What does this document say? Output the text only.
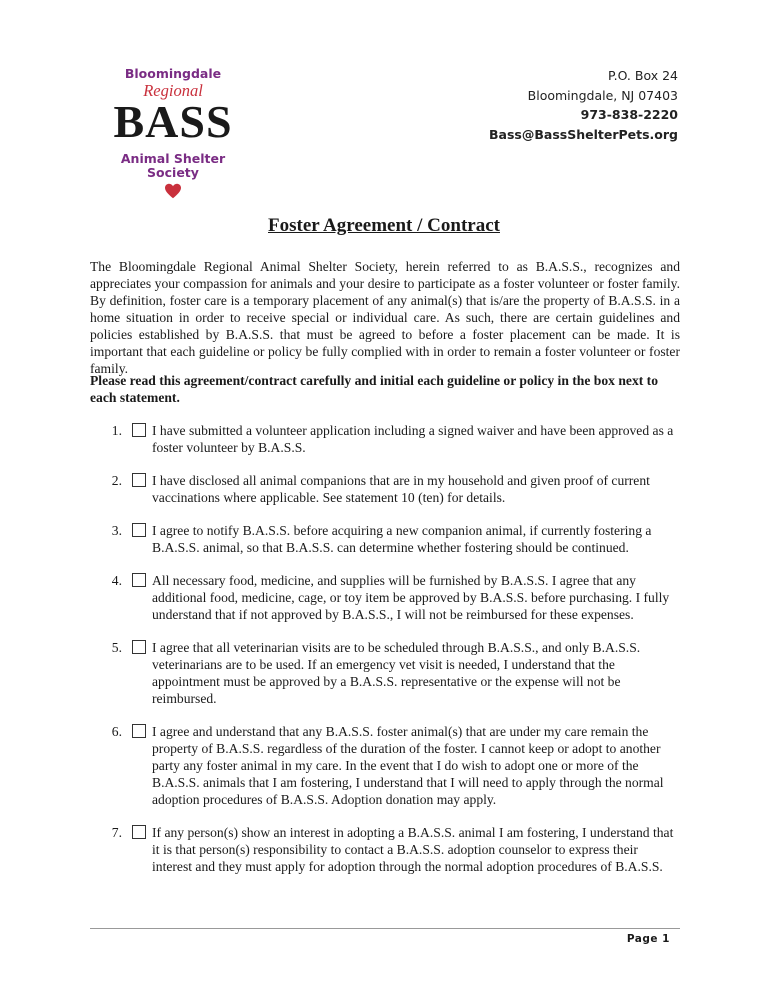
Bloomingdale
Regional
BASS
Animal Shelter
Society
P.O. Box 24
Bloomingdale, NJ 07403
973-838-2220
Bass@BassShelterPets.org
Foster Agreement / Contract
The Bloomingdale Regional Animal Shelter Society, herein referred to as B.A.S.S., recognizes and appreciates your compassion for animals and your desire to participate as a foster volunteer or foster family. By definition, foster care is a temporary placement of any animal(s) that is/are the property of B.A.S.S. in a home situation in order to receive special or individual care. As such, there are certain guidelines and policies established by B.A.S.S. that must be agreed to before a foster placement can be made. It is important that each guideline or policy be fully complied with in order to remain a foster volunteer or foster family.
Please read this agreement/contract carefully and initial each guideline or policy in the box next to each statement.
1. I have submitted a volunteer application including a signed waiver and have been approved as a foster volunteer by B.A.S.S.
2. I have disclosed all animal companions that are in my household and given proof of current vaccinations where applicable. See statement 10 (ten) for details.
3. I agree to notify B.A.S.S. before acquiring a new companion animal, if currently fostering a B.A.S.S. animal, so that B.A.S.S. can determine whether fostering should be continued.
4. All necessary food, medicine, and supplies will be furnished by B.A.S.S. I agree that any additional food, medicine, cage, or toy item be approved by B.A.S.S. before purchasing. I fully understand that if not approved by B.A.S.S., I will not be reimbursed for these expenses.
5. I agree that all veterinarian visits are to be scheduled through B.A.S.S., and only B.A.S.S. veterinarians are to be used. If an emergency vet visit is needed, I understand that the appointment must be approved by a B.A.S.S. representative or the expense will not be reimbursed.
6. I agree and understand that any B.A.S.S. foster animal(s) that are under my care remain the property of B.A.S.S. regardless of the duration of the foster. I cannot keep or adopt to another party any foster animal in my care. In the event that I do wish to adopt one or more of the B.A.S.S. animals that I am fostering, I understand that I will need to apply through the normal adoption procedures of B.A.S.S. Adoption donation may apply.
7. If any person(s) show an interest in adopting a B.A.S.S. animal I am fostering, I understand that it is that person(s) responsibility to contact a B.A.S.S. adoption counselor to express their interest and they must apply for adoption through the normal adoption procedures of B.A.S.S.
Page 1
